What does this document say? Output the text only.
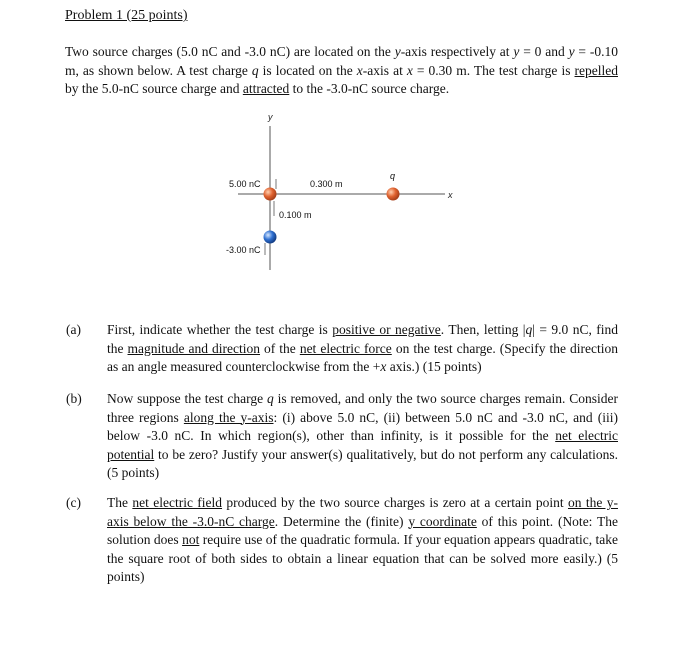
Problem 1 (25 points)
Two source charges (5.0 nC and -3.0 nC) are located on the y-axis respectively at y = 0 and y = -0.10 m, as shown below. A test charge q is located on the x-axis at x = 0.30 m. The test charge is repelled by the 5.0-nC source charge and attracted to the -3.0-nC source charge.
y
x
5.00 nC	0.300 m
q
0.100 m
-3.00 nC
(a) First, indicate whether the test charge is positive or negative. Then, letting |q| = 9.0 nC, find the magnitude and direction of the net electric force on the test charge. (Specify the direction as an angle measured counterclockwise from the +x axis.) (15 points)
(b) Now suppose the test charge q is removed, and only the two source charges remain. Consider three regions along the y-axis: (i) above 5.0 nC, (ii) between 5.0 nC and -3.0 nC, and (iii) below -3.0 nC. In which region(s), other than infinity, is it possible for the net electric potential to be zero? Justify your answer(s) qualitatively, but do not perform any calculations. (5 points)
(c) The net electric field produced by the two source charges is zero at a certain point on the y-axis below the -3.0-nC charge. Determine the (finite) y coordinate of this point. (Note: The solution does not require use of the quadratic formula. If your equation appears quadratic, take the square root of both sides to obtain a linear equation that can be solved more easily.) (5 points)
